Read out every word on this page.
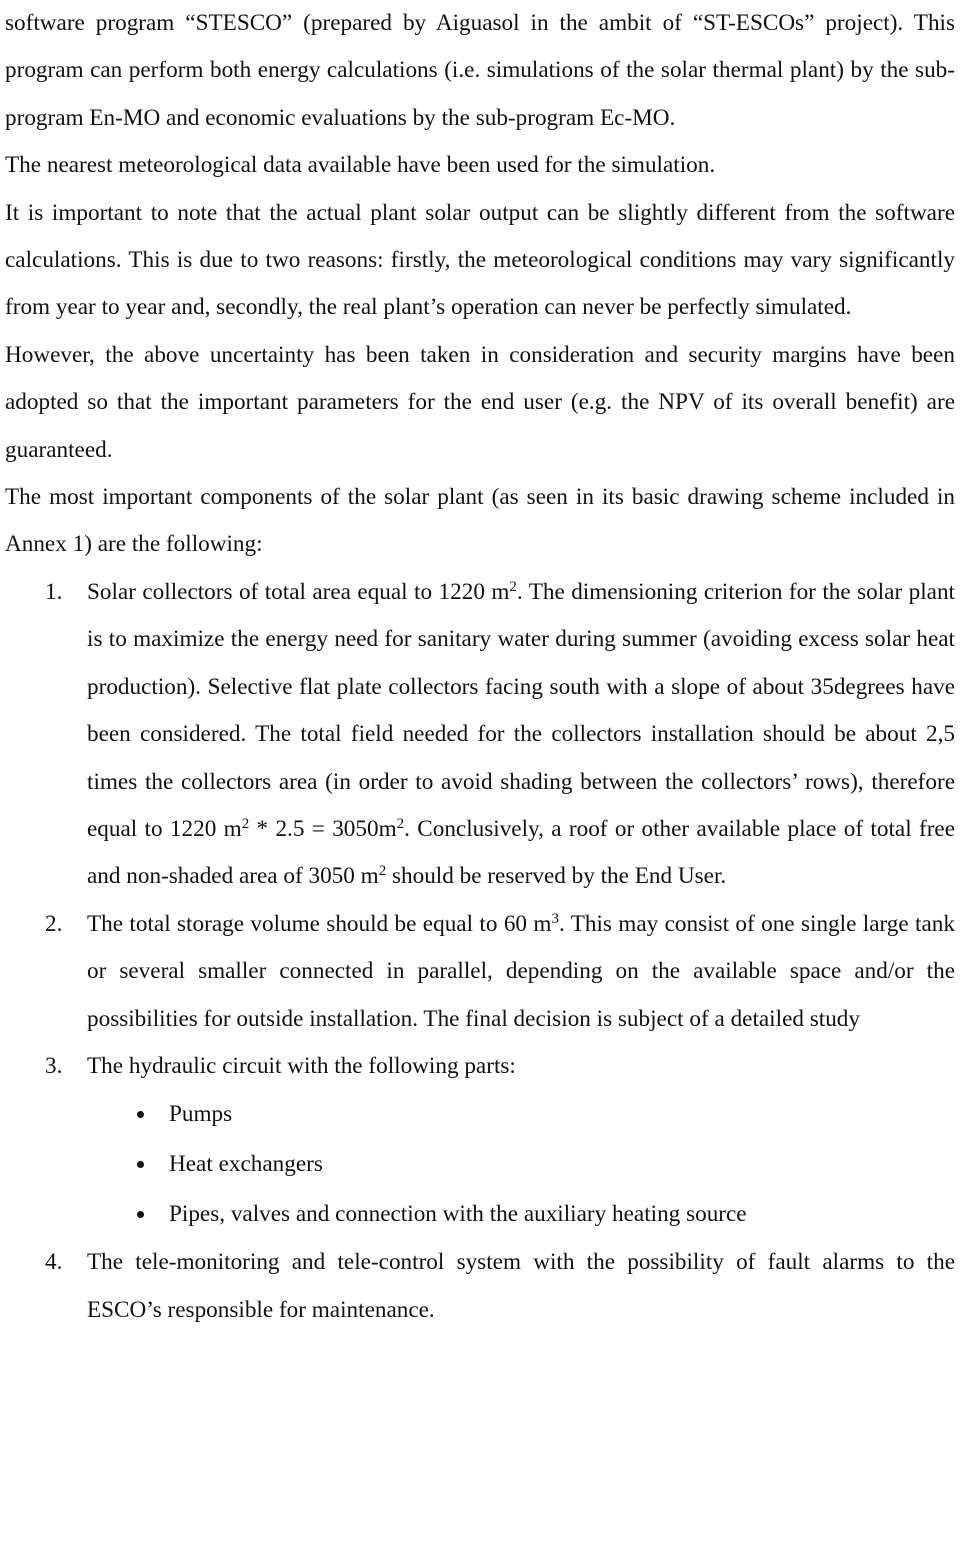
software program “STESCO” (prepared by Aiguasol in the ambit of “ST-ESCOs” project). This program can perform both energy calculations (i.e. simulations of the solar thermal plant) by the sub-program En-MO and economic evaluations by the sub-program Ec-MO.

The nearest meteorological data available have been used for the simulation.

It is important to note that the actual plant solar output can be slightly different from the software calculations. This is due to two reasons: firstly, the meteorological conditions may vary significantly from year to year and, secondly, the real plant’s operation can never be perfectly simulated.

However, the above uncertainty has been taken in consideration and security margins have been adopted so that the important parameters for the end user (e.g. the NPV of its overall benefit) are guaranteed.

The most important components of the solar plant (as seen in its basic drawing scheme included in Annex 1) are the following:

1. Solar collectors of total area equal to 1220 $m^2$. The dimensioning criterion for the solar plant is to maximize the energy need for sanitary water during summer (avoiding excess solar heat production). Selective flat plate collectors facing south with a slope of about 35degrees have been considered. The total field needed for the collectors installation should be about 2,5 times the collectors area (in order to avoid shading between the collectors’ rows), therefore equal to 1220 $m^2 * 2.5 = 3050m^2$. Conclusively, a roof or other available place of total free and non-shaded area of 3050 $m^2$ should be reserved by the End User.

2. The total storage volume should be equal to 60 $m^3$. This may consist of one single large tank or several smaller connected in parallel, depending on the available space and/or the possibilities for outside installation. The final decision is subject of a detailed study

3. The hydraulic circuit with the following parts:

Pumps
Heat exchangers
Pipes, valves and connection with the auxiliary heating source
4. The tele-monitoring and tele-control system with the possibility of fault alarms to the ESCO’s responsible for maintenance.
